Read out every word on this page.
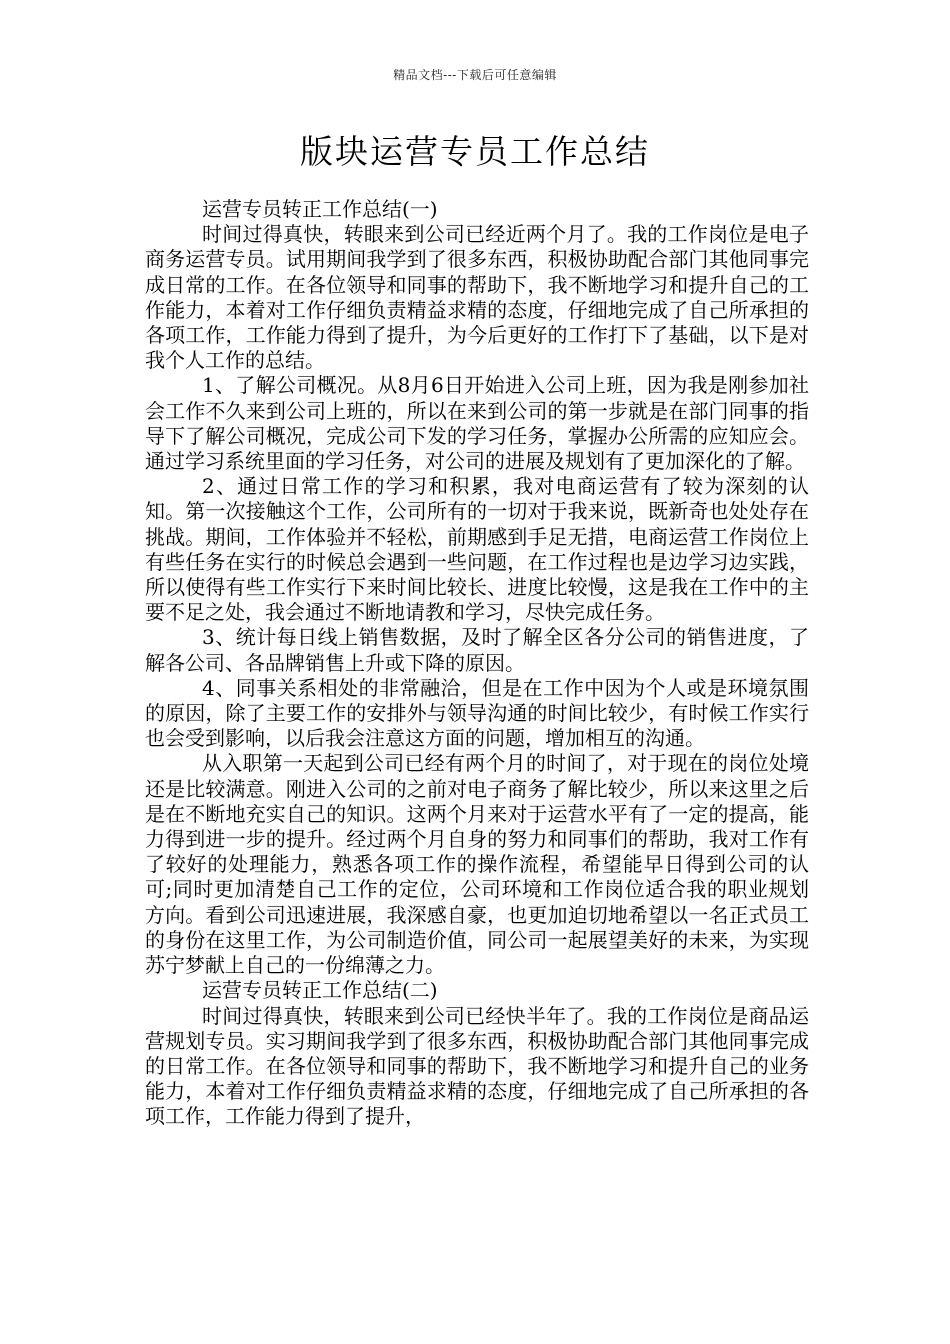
精品文档---下载后可任意编辑
版块运营专员工作总结

运营专员转正工作总结(一)

时间过得真快，转眼来到公司已经近两个月了。我的工作岗位是电子商务运营专员。试用期间我学到了很多东西，积极协助配合部门其他同事完成日常的工作。在各位领导和同事的帮助下，我不断地学习和提升自己的工作能力，本着对工作仔细负责精益求精的态度，仔细地完成了自己所承担的各项工作，工作能力得到了提升，为今后更好的工作打下了基础，以下是对我个人工作的总结。

1、了解公司概况。从8月6日开始进入公司上班，因为我是刚参加社会工作不久来到公司上班的，所以在来到公司的第一步就是在部门同事的指导下了解公司概况，完成公司下发的学习任务，掌握办公所需的应知应会。通过学习系统里面的学习任务，对公司的进展及规划有了更加深化的了解。

2、通过日常工作的学习和积累，我对电商运营有了较为深刻的认知。第一次接触这个工作，公司所有的一切对于我来说，既新奇也处处存在挑战。期间，工作体验并不轻松，前期感到手足无措，电商运营工作岗位上有些任务在实行的时候总会遇到一些问题，在工作过程也是边学习边实践，所以使得有些工作实行下来时间比较长、进度比较慢，这是我在工作中的主要不足之处，我会通过不断地请教和学习，尽快完成任务。

3、统计每日线上销售数据，及时了解全区各分公司的销售进度，了解各公司、各品牌销售上升或下降的原因。

4、同事关系相处的非常融洽，但是在工作中因为个人或是环境氛围的原因，除了主要工作的安排外与领导沟通的时间比较少，有时候工作实行也会受到影响，以后我会注意这方面的问题，增加相互的沟通。

从入职第一天起到公司已经有两个月的时间了，对于现在的岗位处境还是比较满意。刚进入公司的之前对电子商务了解比较少，所以来这里之后是在不断地充实自己的知识。这两个月来对于运营水平有了一定的提高，能力得到进一步的提升。经过两个月自身的努力和同事们的帮助，我对工作有了较好的处理能力，熟悉各项工作的操作流程，希望能早日得到公司的认可;同时更加清楚自己工作的定位，公司环境和工作岗位适合我的职业规划方向。看到公司迅速进展，我深感自豪，也更加迫切地希望以一名正式员工的身份在这里工作，为公司制造价值，同公司一起展望美好的未来，为实现苏宁梦献上自己的一份绵薄之力。

运营专员转正工作总结(二)

时间过得真快，转眼来到公司已经快半年了。我的工作岗位是商品运营规划专员。实习期间我学到了很多东西，积极协助配合部门其他同事完成的日常工作。在各位领导和同事的帮助下，我不断地学习和提升自己的业务能力，本着对工作仔细负责精益求精的态度，仔细地完成了自己所承担的各项工作，工作能力得到了提升，
